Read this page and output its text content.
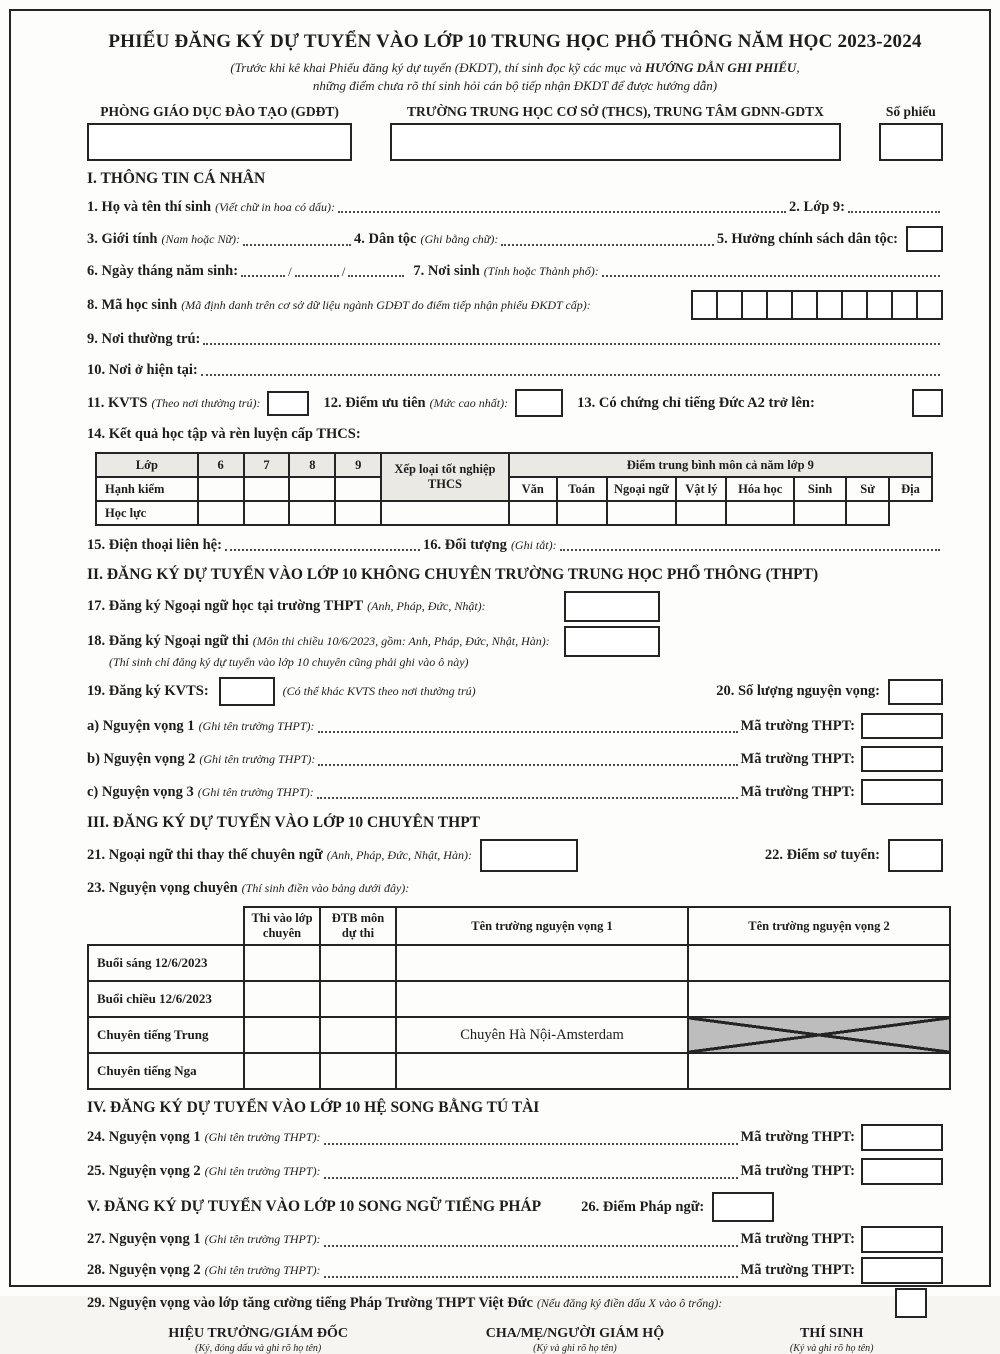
PHIẾU ĐĂNG KÝ DỰ TUYỂN VÀO LỚP 10 TRUNG HỌC PHỔ THÔNG NĂM HỌC 2023-2024
(Trước khi kê khai Phiếu đăng ký dự tuyển (ĐKDT), thí sinh đọc kỹ các mục và HƯỚNG DẪN GHI PHIẾU,
những điểm chưa rõ thí sinh hỏi cán bộ tiếp nhận ĐKDT để được hướng dẫn)
PHÒNG GIÁO DỤC ĐÀO TẠO (GDĐT)	TRƯỜNG TRUNG HỌC CƠ SỞ (THCS), TRUNG TÂM GDNN-GDTX	Số phiếu
I. THÔNG TIN CÁ NHÂN
1. Họ và tên thí sinh (Viết chữ in hoa có dấu):	2. Lớp 9:
3. Giới tính (Nam hoặc Nữ):	4. Dân tộc (Ghi bằng chữ):	5. Hưởng chính sách dân tộc:
6. Ngày tháng năm sinh:	/	/	7. Nơi sinh (Tỉnh hoặc Thành phố):
8. Mã học sinh (Mã định danh trên cơ sở dữ liệu ngành GDĐT do điểm tiếp nhận phiếu ĐKDT cấp):
9. Nơi thường trú:
10. Nơi ở hiện tại:
11. KVTS (Theo nơi thường trú):	12. Điểm ưu tiên (Mức cao nhất):	13. Có chứng chỉ tiếng Đức A2 trở lên:
14. Kết quả học tập và rèn luyện cấp THCS:
Lớp	6	7	8	9	Xếp loại tốt nghiệp THCS	Điểm trung bình môn cả năm lớp 9							
Hạnh kiểm						Văn	Toán	Ngoại ngữ	Vật lý	Hóa học	Sinh	Sử	Địa
Học lực													
15. Điện thoại liên hệ:	16. Đối tượng (Ghi tắt):
II. ĐĂNG KÝ DỰ TUYỂN VÀO LỚP 10 KHÔNG CHUYÊN TRƯỜNG TRUNG HỌC PHỔ THÔNG (THPT)
17. Đăng ký Ngoại ngữ học tại trường THPT (Anh, Pháp, Đức, Nhật):
18. Đăng ký Ngoại ngữ thi (Môn thi chiều 10/6/2023, gồm: Anh, Pháp, Đức, Nhật, Hàn):
(Thí sinh chỉ đăng ký dự tuyển vào lớp 10 chuyên cũng phải ghi vào ô này)
19. Đăng ký KVTS:	(Có thể khác KVTS theo nơi thường trú)	20. Số lượng nguyện vọng:
a) Nguyện vọng 1 (Ghi tên trường THPT):	Mã trường THPT:
b) Nguyện vọng 2 (Ghi tên trường THPT):	Mã trường THPT:
c) Nguyện vọng 3 (Ghi tên trường THPT):	Mã trường THPT:
III. ĐĂNG KÝ DỰ TUYỂN VÀO LỚP 10 CHUYÊN THPT
21. Ngoại ngữ thi thay thế chuyên ngữ (Anh, Pháp, Đức, Nhật, Hàn):	22. Điểm sơ tuyển:
23. Nguyện vọng chuyên (Thí sinh điền vào bảng dưới đây):
	Thi vào lớp chuyên	ĐTB môn dự thi	Tên trường nguyện vọng 1	Tên trường nguyện vọng 2
Buổi sáng 12/6/2023				
Buổi chiều 12/6/2023				
Chuyên tiếng Trung			Chuyên Hà Nội-Amsterdam	
Chuyên tiếng Nga				
IV. ĐĂNG KÝ DỰ TUYỂN VÀO LỚP 10 HỆ SONG BẰNG TÚ TÀI
24. Nguyện vọng 1 (Ghi tên trường THPT):	Mã trường THPT:
25. Nguyện vọng 2 (Ghi tên trường THPT):	Mã trường THPT:
V. ĐĂNG KÝ DỰ TUYỂN VÀO LỚP 10 SONG NGỮ TIẾNG PHÁP	26. Điểm Pháp ngữ:
27. Nguyện vọng 1 (Ghi tên trường THPT):	Mã trường THPT:
28. Nguyện vọng 2 (Ghi tên trường THPT):	Mã trường THPT:
29. Nguyện vọng vào lớp tăng cường tiếng Pháp Trường THPT Việt Đức (Nếu đăng ký điền dấu X vào ô trống):
HIỆU TRƯỞNG/GIÁM ĐỐC
(Ký, đóng dấu và ghi rõ họ tên)
CHA/MẸ/NGƯỜI GIÁM HỘ
(Ký và ghi rõ họ tên)
THÍ SINH
(Ký và ghi rõ họ tên)
